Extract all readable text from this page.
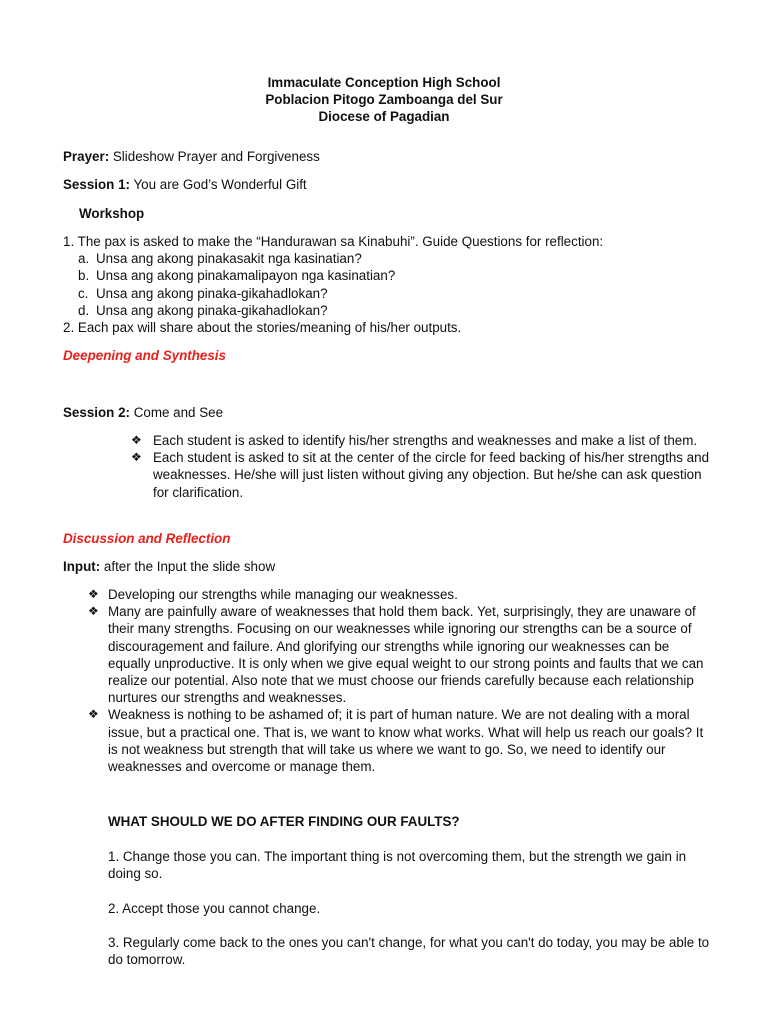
Immaculate Conception High School
Poblacion Pitogo Zamboanga del Sur
Diocese of Pagadian

Prayer: Slideshow Prayer and Forgiveness

Session 1: You are God’s Wonderful Gift

Workshop

1. The pax is asked to make the “Handurawan sa Kinabuhi”. Guide Questions for reflection:
a. Unsa ang akong pinakasakit nga kasinatian?
b. Unsa ang akong pinakamalipayon nga kasinatian?
c. Unsa ang akong pinaka-gikahadlokan?
d. Unsa ang akong pinaka-gikahadlokan?
2. Each pax will share about the stories/meaning of his/her outputs.

Deepening and Synthesis

Session 2: Come and See

❖ Each student is asked to identify his/her strengths and weaknesses and make a list of them.
❖ Each student is asked to sit at the center of the circle for feed backing of his/her strengths and weaknesses. He/she will just listen without giving any objection. But he/she can ask question for clarification.

Discussion and Reflection

Input: after the Input the slide show

❖ Developing our strengths while managing our weaknesses.
❖ Many are painfully aware of weaknesses that hold them back. Yet, surprisingly, they are unaware of their many strengths. Focusing on our weaknesses while ignoring our strengths can be a source of discouragement and failure. And glorifying our strengths while ignoring our weaknesses can be equally unproductive. It is only when we give equal weight to our strong points and faults that we can realize our potential. Also note that we must choose our friends carefully because each relationship nurtures our strengths and weaknesses.
❖ Weakness is nothing to be ashamed of; it is part of human nature. We are not dealing with a moral issue, but a practical one. That is, we want to know what works. What will help us reach our goals? It is not weakness but strength that will take us where we want to go. So, we need to identify our weaknesses and overcome or manage them.

WHAT SHOULD WE DO AFTER FINDING OUR FAULTS?

1. Change those you can. The important thing is not overcoming them, but the strength we gain in doing so.

2. Accept those you cannot change.

3. Regularly come back to the ones you can't change, for what you can't do today, you may be able to do tomorrow.
